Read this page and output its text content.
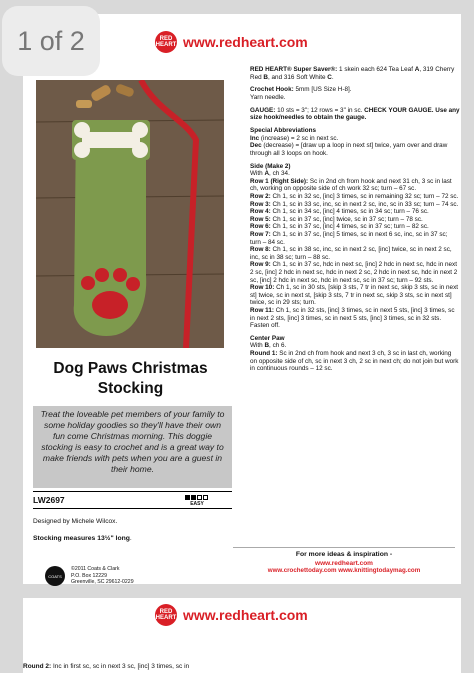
1 of 2	RED
HEART www.redheart.com
Dog Paws Christmas
Stocking
Treat the loveable pet members of your family to some holiday goodies so they'll have their own fun come Christmas morning. This doggie stocking is easy to crochet and is a great way to make friends with pets when you are a guest in their home.
LW2697	EASY
Designed by Michele Wilcox.
Stocking measures 13½" long.

RED HEART® Super Saver®: 1 skein each 624 Tea Leaf A, 319 Cherry Red B, and 316 Soft White C.

Crochet Hook: 5mm [US Size H-8].
Yarn needle.

GAUGE: 10 sts = 3"; 12 rows = 3" in sc. CHECK YOUR GAUGE. Use any size hook/needles to obtain the gauge.

Special Abbreviations
Inc (increase) = 2 sc in next sc.
Dec (decrease) = [draw up a loop in next st] twice, yarn over and draw through all 3 loops on hook.

Side (Make 2)

With A, ch 34.

Row 1 (Right Side): Sc in 2nd ch from hook and next 31 ch, 3 sc in last ch, working on opposite side of ch work 32 sc; turn – 67 sc.

Row 2: Ch 1, sc in 32 sc, [inc] 3 times, sc in remaining 32 sc; turn – 72 sc.

Row 3: Ch 1, sc in 33 sc, inc, sc in next 2 sc, inc, sc in 33 sc; turn – 74 sc.

Row 4: Ch 1, sc in 34 sc, [inc] 4 times, sc in 34 sc; turn – 76 sc.

Row 5: Ch 1, sc in 37 sc, [inc] twice, sc in 37 sc; turn – 78 sc.

Row 6: Ch 1, sc in 37 sc, [inc] 4 times, sc in 37 sc; turn – 82 sc.

Row 7: Ch 1, sc in 37 sc, [inc] 5 times, sc in next 6 sc, inc, sc in 37 sc; turn – 84 sc.

Row 8: Ch 1, sc in 38 sc, inc, sc in next 2 sc, [inc] twice, sc in next 2 sc, inc, sc in 38 sc; turn – 88 sc.

Row 9: Ch 1, sc in 37 sc, hdc in next sc, [inc] 2 hdc in next sc, hdc in next 2 sc, [inc] 2 hdc in next sc, hdc in next 2 sc, 2 hdc in next sc, hdc in next 2 sc, [inc] 2 hdc in next sc, hdc in next sc, sc in 37 sc; turn – 92 sts.

Row 10: Ch 1, sc in 30 sts, [skip 3 sts, 7 tr in next sc, skip 3 sts, sc in next st] twice, sc in next st, [skip 3 sts, 7 tr in next sc, skip 3 sts, sc in next st] twice, sc in 29 sts; turn.

Row 11: Ch 1, sc in 32 sts, [inc] 3 times, sc in next 5 sts, [inc] 3 times, sc in next 2 sts, [inc] 3 times, sc in next 5 sts, [inc] 3 times, sc in 32 sts. Fasten off.

Center Paw

With B, ch 6.

Round 1: Sc in 2nd ch from hook and next 3 ch, 3 sc in last ch, working on opposite side of ch, sc in next 3 ch, 2 sc in next ch; do not join but work in continuous rounds – 12 sc.

COATS
©2011 Coats & Clark
P.O. Box 12229
Greenville, SC 29612-0229
For more ideas & inspiration -
www.redheart.com
www.crochettoday.com www.knittingtodaymag.com
RED
HEART www.redheart.com
Round 2: Inc in first sc, sc in next 3 sc, [inc] 3 times, sc in
